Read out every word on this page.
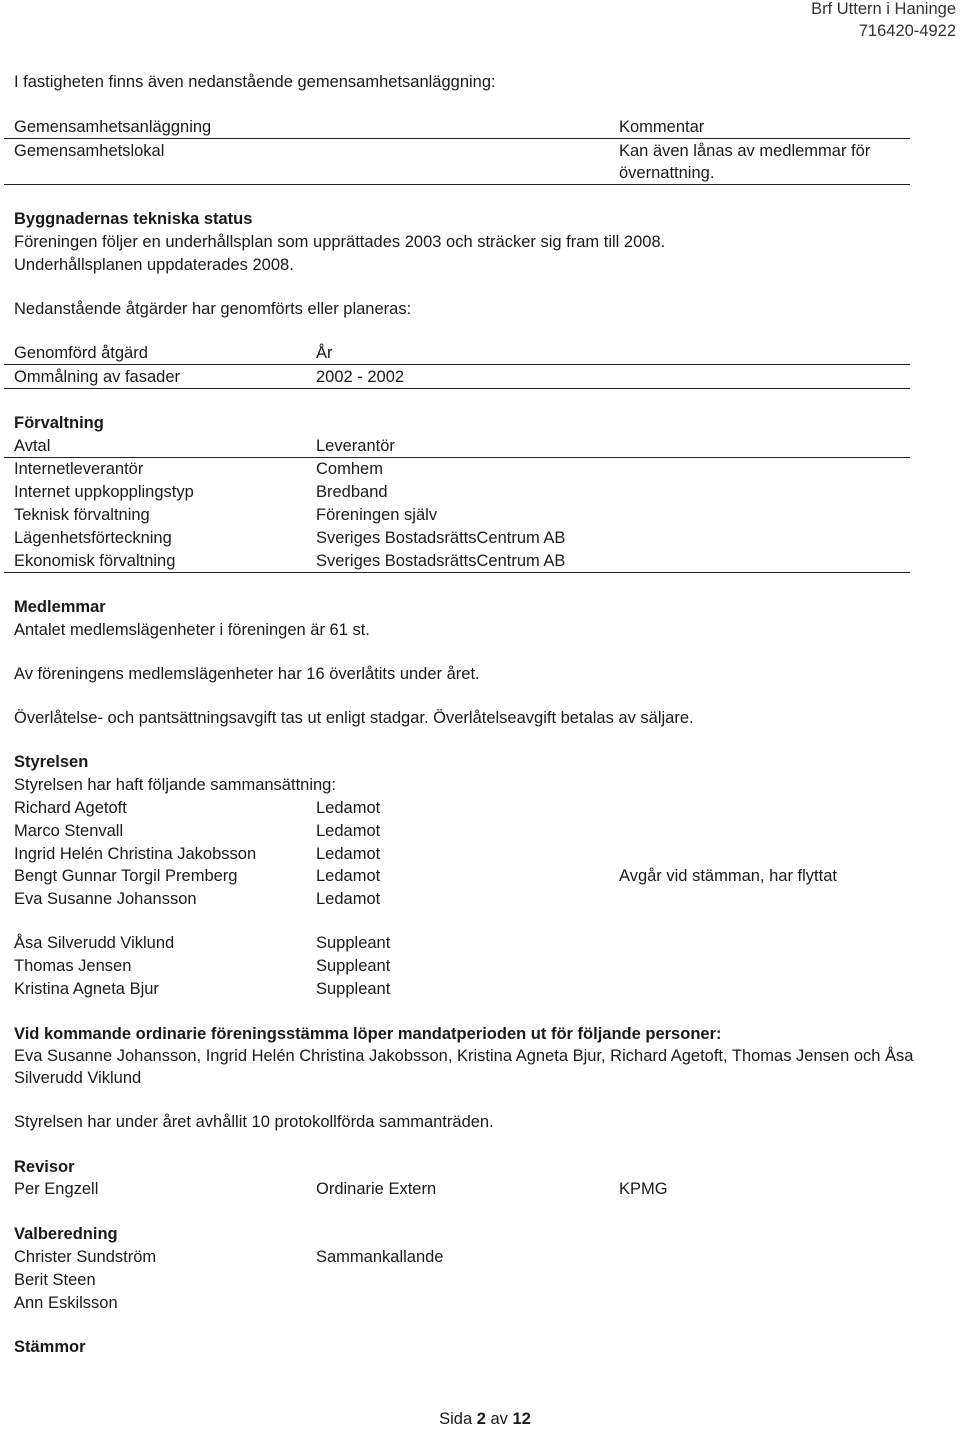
Brf Uttern i Haninge
716420-4922
I fastigheten finns även nedanstående gemensamhetsanläggning:
Gemensamhetsanläggning	Kommentar
Gemensamhetslokal	Kan även lånas av medlemmar för övernattning.
Byggnadernas tekniska status
Föreningen följer en underhållsplan som upprättades 2003 och sträcker sig fram till 2008.
Underhållsplanen uppdaterades 2008.
Nedanstående åtgärder har genomförts eller planeras:
Genomförd åtgärd	År
Ommålning av fasader	2002 - 2002
Förvaltning
Avtal	Leverantör
Internetleverantör	Comhem
Internet uppkopplingstyp	Bredband
Teknisk förvaltning	Föreningen själv
Lägenhetsförteckning	Sveriges BostadsrättsCentrum AB
Ekonomisk förvaltning	Sveriges BostadsrättsCentrum AB
Medlemmar
Antalet medlemslägenheter i föreningen är 61 st.
Av föreningens medlemslägenheter har 16 överlåtits under året.
Överlåtelse- och pantsättningsavgift tas ut enligt stadgar. Överlåtelseavgift betalas av säljare.
Styrelsen
Styrelsen har haft följande sammansättning:
Richard Agetoft	Ledamot
Marco Stenvall	Ledamot
Ingrid Helén Christina Jakobsson	Ledamot
Bengt Gunnar Torgil Premberg	Ledamot	Avgår vid stämman, har flyttat
Eva Susanne Johansson	Ledamot
Åsa Silverudd Viklund	Suppleant
Thomas Jensen	Suppleant
Kristina Agneta Bjur	Suppleant
Vid kommande ordinarie föreningsstämma löper mandatperioden ut för följande personer:
Eva Susanne Johansson, Ingrid Helén Christina Jakobsson, Kristina Agneta Bjur, Richard Agetoft, Thomas Jensen och Åsa Silverudd Viklund
Styrelsen har under året avhållit 10 protokollförda sammanträden.
Revisor
Per Engzell	Ordinarie Extern	KPMG
Valberedning
Christer Sundström	Sammankallande
Berit Steen
Ann Eskilsson
Stämmor
Sida 2 av 12
